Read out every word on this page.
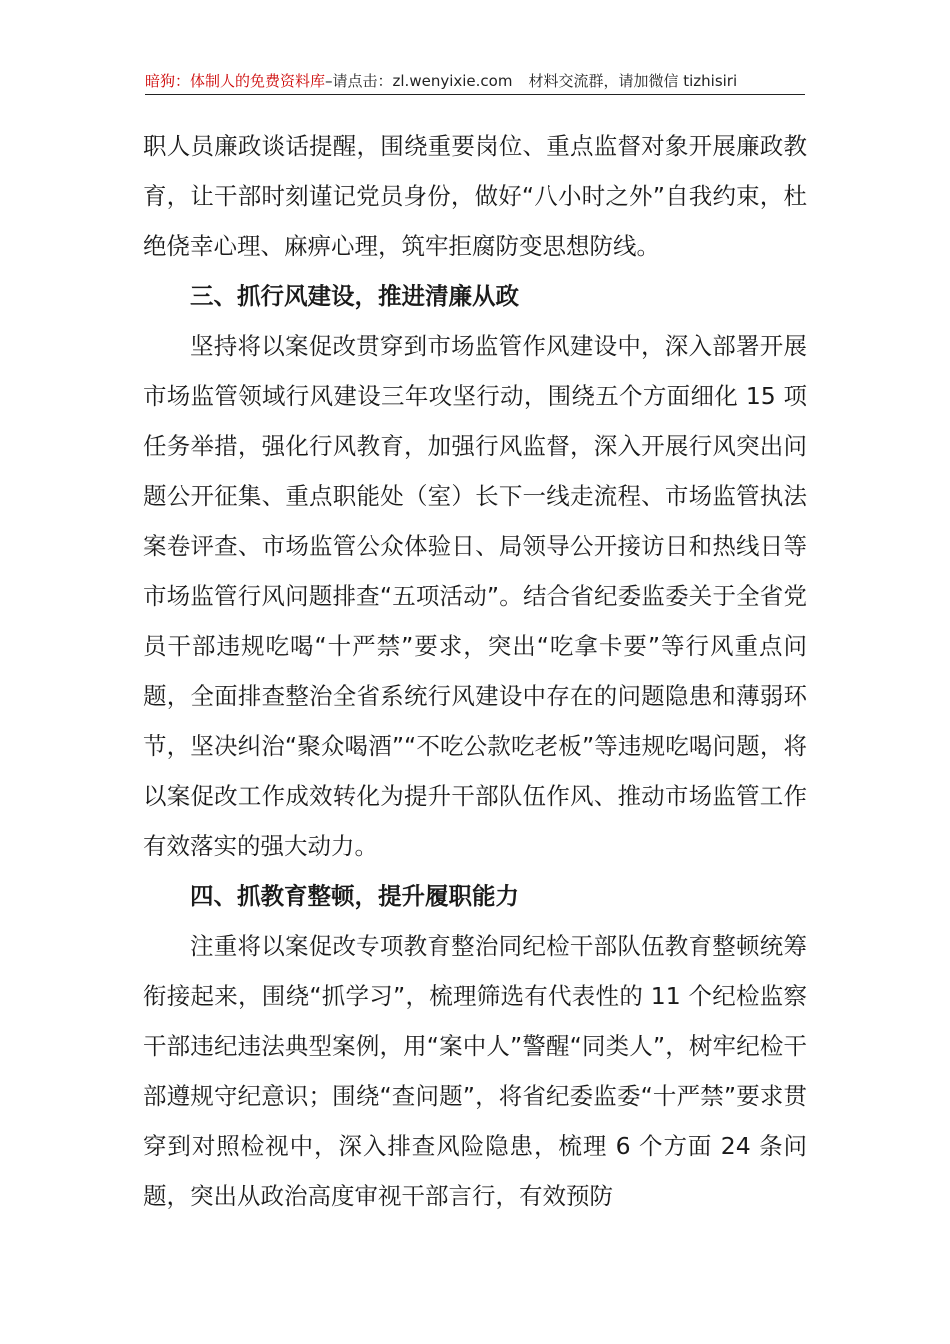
暗狗：体制人的免费资料库–请点击：zl.wenyixie.com 材料交流群，请加微信 tizhisiri

职人员廉政谈话提醒，围绕重要岗位、重点监督对象开展廉政教育，让干部时刻谨记党员身份，做好“八小时之外”自我约束，杜绝侥幸心理、麻痹心理，筑牢拒腐防变思想防线。

三、抓行风建设，推进清廉从政

坚持将以案促改贯穿到市场监管作风建设中，深入部署开展市场监管领域行风建设三年攻坚行动，围绕五个方面细化 15 项任务举措，强化行风教育，加强行风监督，深入开展行风突出问题公开征集、重点职能处（室）长下一线走流程、市场监管执法案卷评查、市场监管公众体验日、局领导公开接访日和热线日等市场监管行风问题排查“五项活动”。结合省纪委监委关于全省党员干部违规吃喝“十严禁”要求，突出“吃拿卡要”等行风重点问题，全面排查整治全省系统行风建设中存在的问题隐患和薄弱环节，坚决纠治“聚众喝酒”“不吃公款吃老板”等违规吃喝问题，将以案促改工作成效转化为提升干部队伍作风、推动市场监管工作有效落实的强大动力。

四、抓教育整顿，提升履职能力

注重将以案促改专项教育整治同纪检干部队伍教育整顿统筹衔接起来，围绕“抓学习”，梳理筛选有代表性的 11 个纪检监察干部违纪违法典型案例，用“案中人”警醒“同类人”，树牢纪检干部遵规守纪意识；围绕“查问题”，将省纪委监委“十严禁”要求贯穿到对照检视中，深入排查风险隐患，梳理 6 个方面 24 条问题，突出从政治高度审视干部言行，有效预防
